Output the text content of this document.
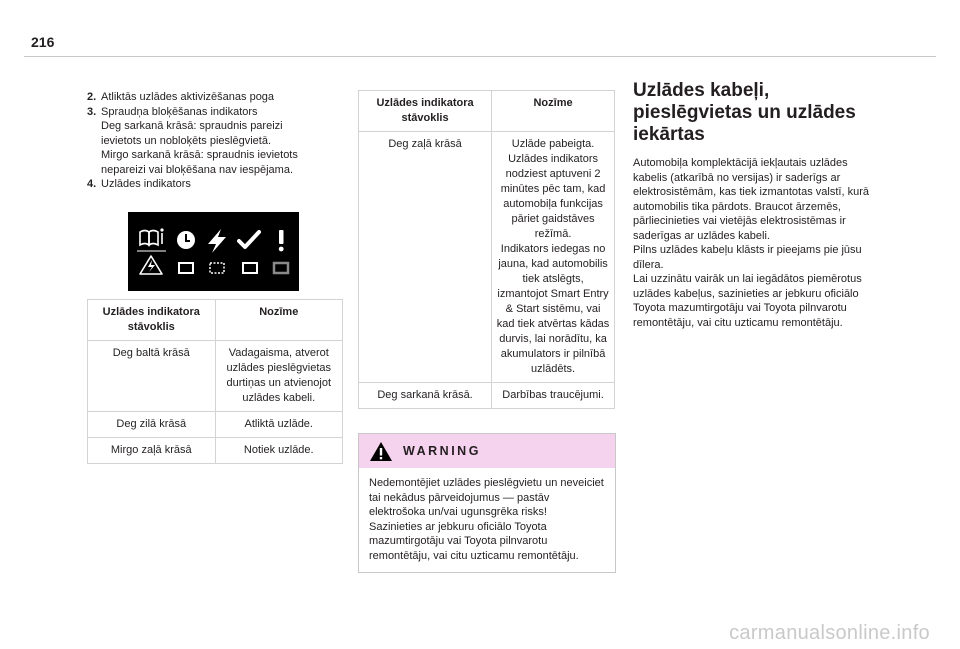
216
2. Atliktās uzlādes aktivizēšanas poga
3. Spraudņa bloķēšanas indikators
Deg sarkanā krāsā: spraudnis pareizi
ievietots un nobloķēts pieslēgvietā.
Mirgo sarkanā krāsā: spraudnis ievietots
nepareizi vai bloķēšana nav iespējama.
4. Uzlādes indikators
Uzlādes indikatora stāvoklis	Nozīme
Deg baltā krāsā	Vadagaisma, atverot uzlādes pieslēgvietas durtiņas un atvienojot uzlādes kabeli.
Deg zilā krāsā	Atliktā uzlāde.
Mirgo zaļā krāsā	Notiek uzlāde.
Uzlādes indikatora stāvoklis	Nozīme
Deg zaļā krāsā	Uzlāde pabeigta.
Uzlādes indikators nodziest aptuveni 2 minūtes pēc tam, kad automobiļa funkcijas pāriet gaidstāves režīmā.
Indikators iedegas no jauna, kad automobilis tiek atslēgts, izmantojot Smart Entry & Start sistēmu, vai kad tiek atvērtas kādas durvis, lai norādītu, ka akumulators ir pilnībā uzlādēts.
Deg sarkanā krāsā.	Darbības traucējumi.
WARNING
Nedemontējiet uzlādes pieslēgvietu un neveiciet tai nekādus pārveidojumus — pastāv elektrošoka un/vai ugunsgrēka risks!
Sazinieties ar jebkuru oficiālo Toyota mazumtirgotāju vai Toyota pilnvarotu remontētāju, vai citu uzticamu remontētāju.
Uzlādes kabeļi, pieslēgvietas un uzlādes iekārtas
Automobiļa komplektācijā iekļautais uzlādes kabelis (atkarībā no versijas) ir saderīgs ar elektrosistēmām, kas tiek izmantotas valstī, kurā automobilis tika pārdots. Braucot ārzemēs, pārliecinieties vai vietējās elektrosistēmas ir saderīgas ar uzlādes kabeli.
Pilns uzlādes kabeļu klāsts ir pieejams pie jūsu dīlera.
Lai uzzinātu vairāk un lai iegādātos piemērotus uzlādes kabeļus, sazinieties ar jebkuru oficiālo Toyota mazumtirgotāju vai Toyota pilnvarotu remontētāju, vai citu uzticamu remontētāju.
carmanualsonline.info
